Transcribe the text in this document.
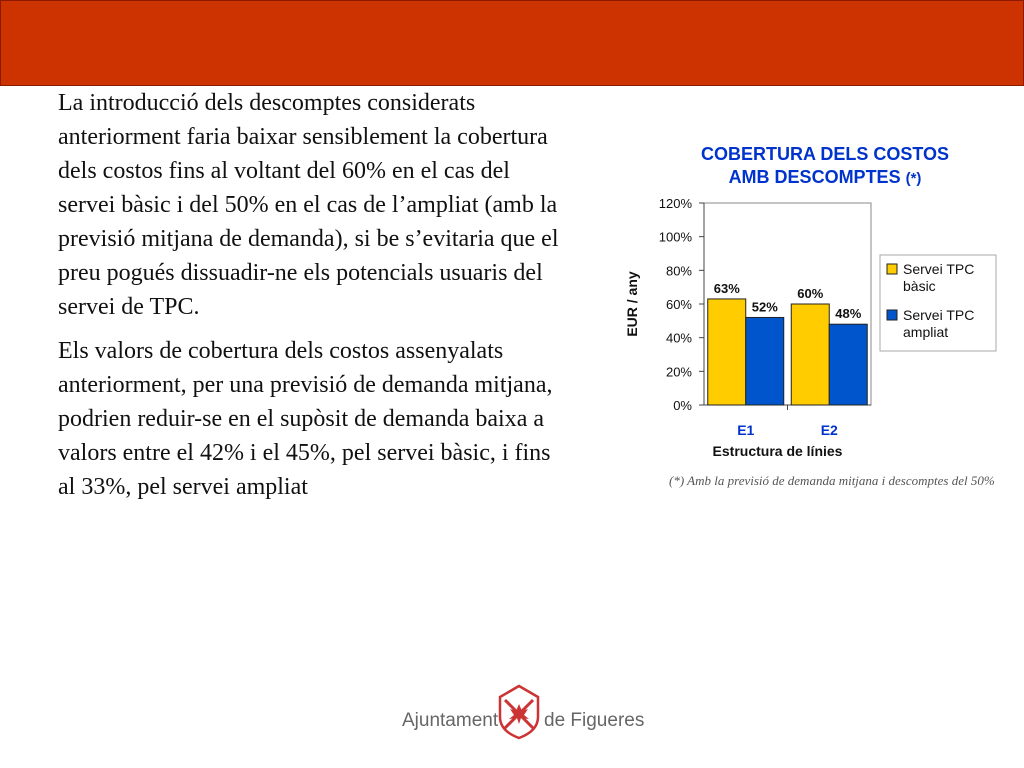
La introducció dels descomptes considerats anteriorment faria baixar sensiblement la cobertura dels costos fins al voltant del 60% en el cas del servei bàsic i del 50% en el cas de l’ampliat (amb la previsió mitjana de demanda), si be s’evitaria que el preu pogués dissuadir-ne els potencials usuaris del servei de TPC.

Els valors de cobertura dels costos assenyalats anteriorment, per una previsió de demanda mitjana, podrien reduir-se en el supòsit de demanda baixa a valors entre el 42% i el 45%, pel servei bàsic, i fins al 33%, pel servei ampliat

COBERTURA DELS COSTOS
AMB DESCOMPTES (*)
0%
20%
40%
60%
80%
100%
120%
63%
52%
E1
60%
48%
E2
Estructura de línies
EUR / any
Servei TPC
bàsic
Servei TPC
ampliat
(*) Amb la previsió de demanda mitjana i descomptes del 50%
Ajuntament de Figueres
